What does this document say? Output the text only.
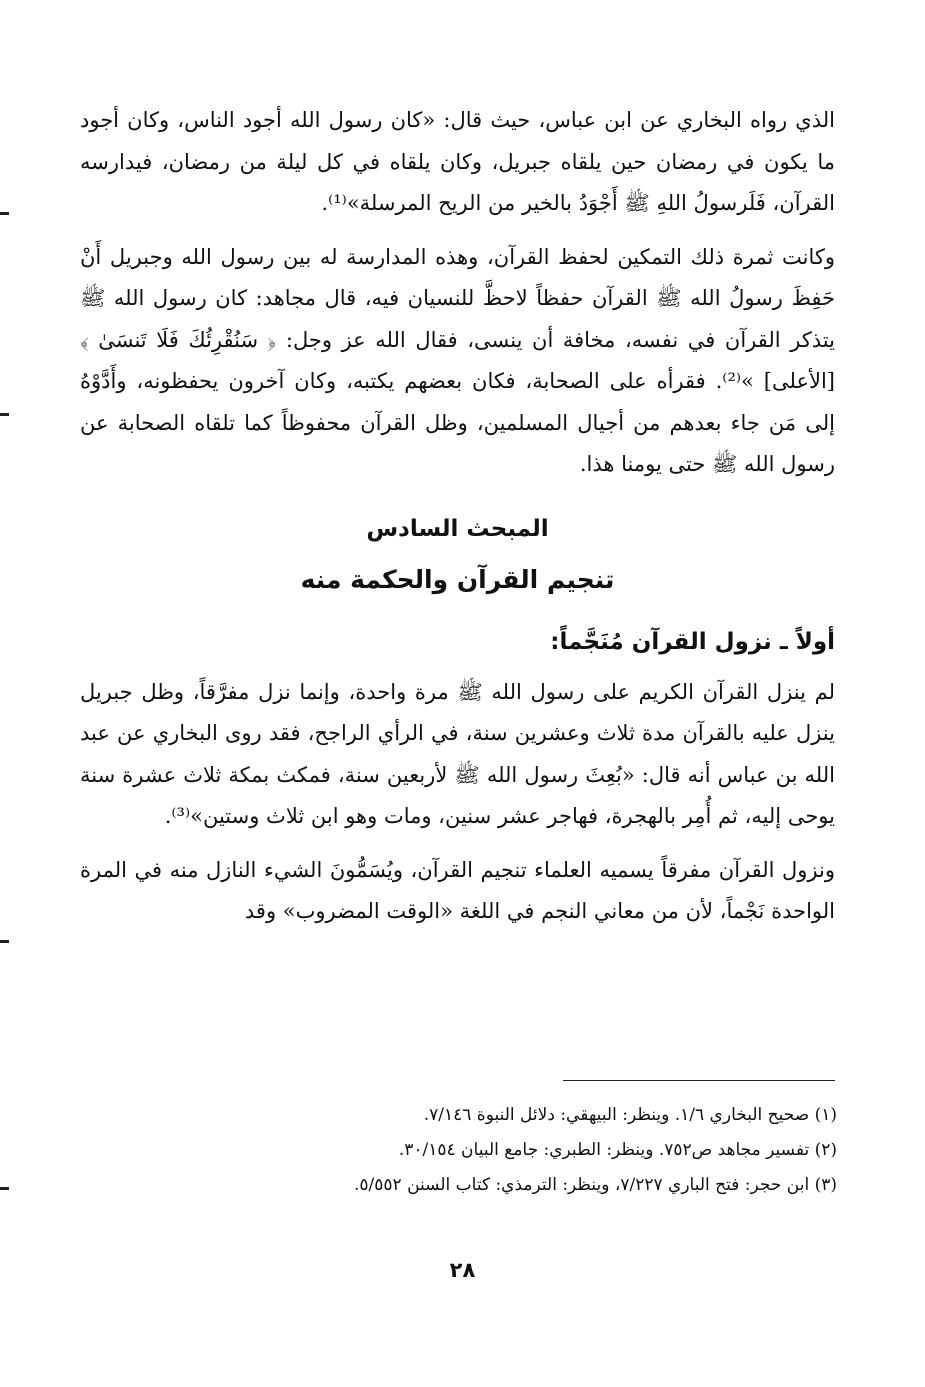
الذي رواه البخاري عن ابن عباس، حيث قال: «كان رسول الله أجود الناس، وكان أجود ما يكون في رمضان حين يلقاه جبريل، وكان يلقاه في كل ليلة من رمضان، فيدارسه القرآن، فَلَرسولُ اللهِ ﷺ أَجْوَدُ بالخير من الريح المرسلة»⁽¹⁾.

وكانت ثمرة ذلك التمكين لحفظ القرآن، وهذه المدارسة له بين رسول الله وجبريل أَنْ حَفِظَ رسولُ الله ﷺ القرآن حفظاً لاحظَّ للنسيان فيه، قال مجاهد: كان رسول الله ﷺ يتذكر القرآن في نفسه، مخافة أن ينسى، فقال الله عز وجل: ﴿ سَنُقْرِئُكَ فَلَا تَنسَىٰ ﴾ [الأعلى] »⁽²⁾. فقرأه على الصحابة، فكان بعضهم يكتبه، وكان آخرون يحفظونه، وأَدَّوْهُ إلى مَن جاء بعدهم من أجيال المسلمين، وظل القرآن محفوظاً كما تلقاه الصحابة عن رسول الله ﷺ حتى يومنا هذا.

المبحث السادس
تنجيم القرآن والحكمة منه
أولاً ـ نزول القرآن مُنَجَّماً:

لم ينزل القرآن الكريم على رسول الله ﷺ مرة واحدة، وإنما نزل مفرَّقاً، وظل جبريل ينزل عليه بالقرآن مدة ثلاث وعشرين سنة، في الرأي الراجح، فقد روى البخاري عن عبد الله بن عباس أنه قال: «بُعِثَ رسول الله ﷺ لأربعين سنة، فمكث بمكة ثلاث عشرة سنة يوحى إليه، ثم أُمِر بالهجرة، فهاجر عشر سنين، ومات وهو ابن ثلاث وستين»⁽³⁾.

ونزول القرآن مفرقاً يسميه العلماء تنجيم القرآن، ويُسَمُّونَ الشيء النازل منه في المرة الواحدة نَجْماً، لأن من معاني النجم في اللغة «الوقت المضروب» وقد

(١) صحيح البخاري ١/٦. وينظر: البيهقي: دلائل النبوة ٧/١٤٦.

(٢) تفسير مجاهد ص٧٥٢. وينظر: الطبري: جامع البيان ٣٠/١٥٤.

(٣) ابن حجر: فتح الباري ٧/٢٢٧، وينظر: الترمذي: كتاب السنن ٥/٥٥٢.

٢٨
